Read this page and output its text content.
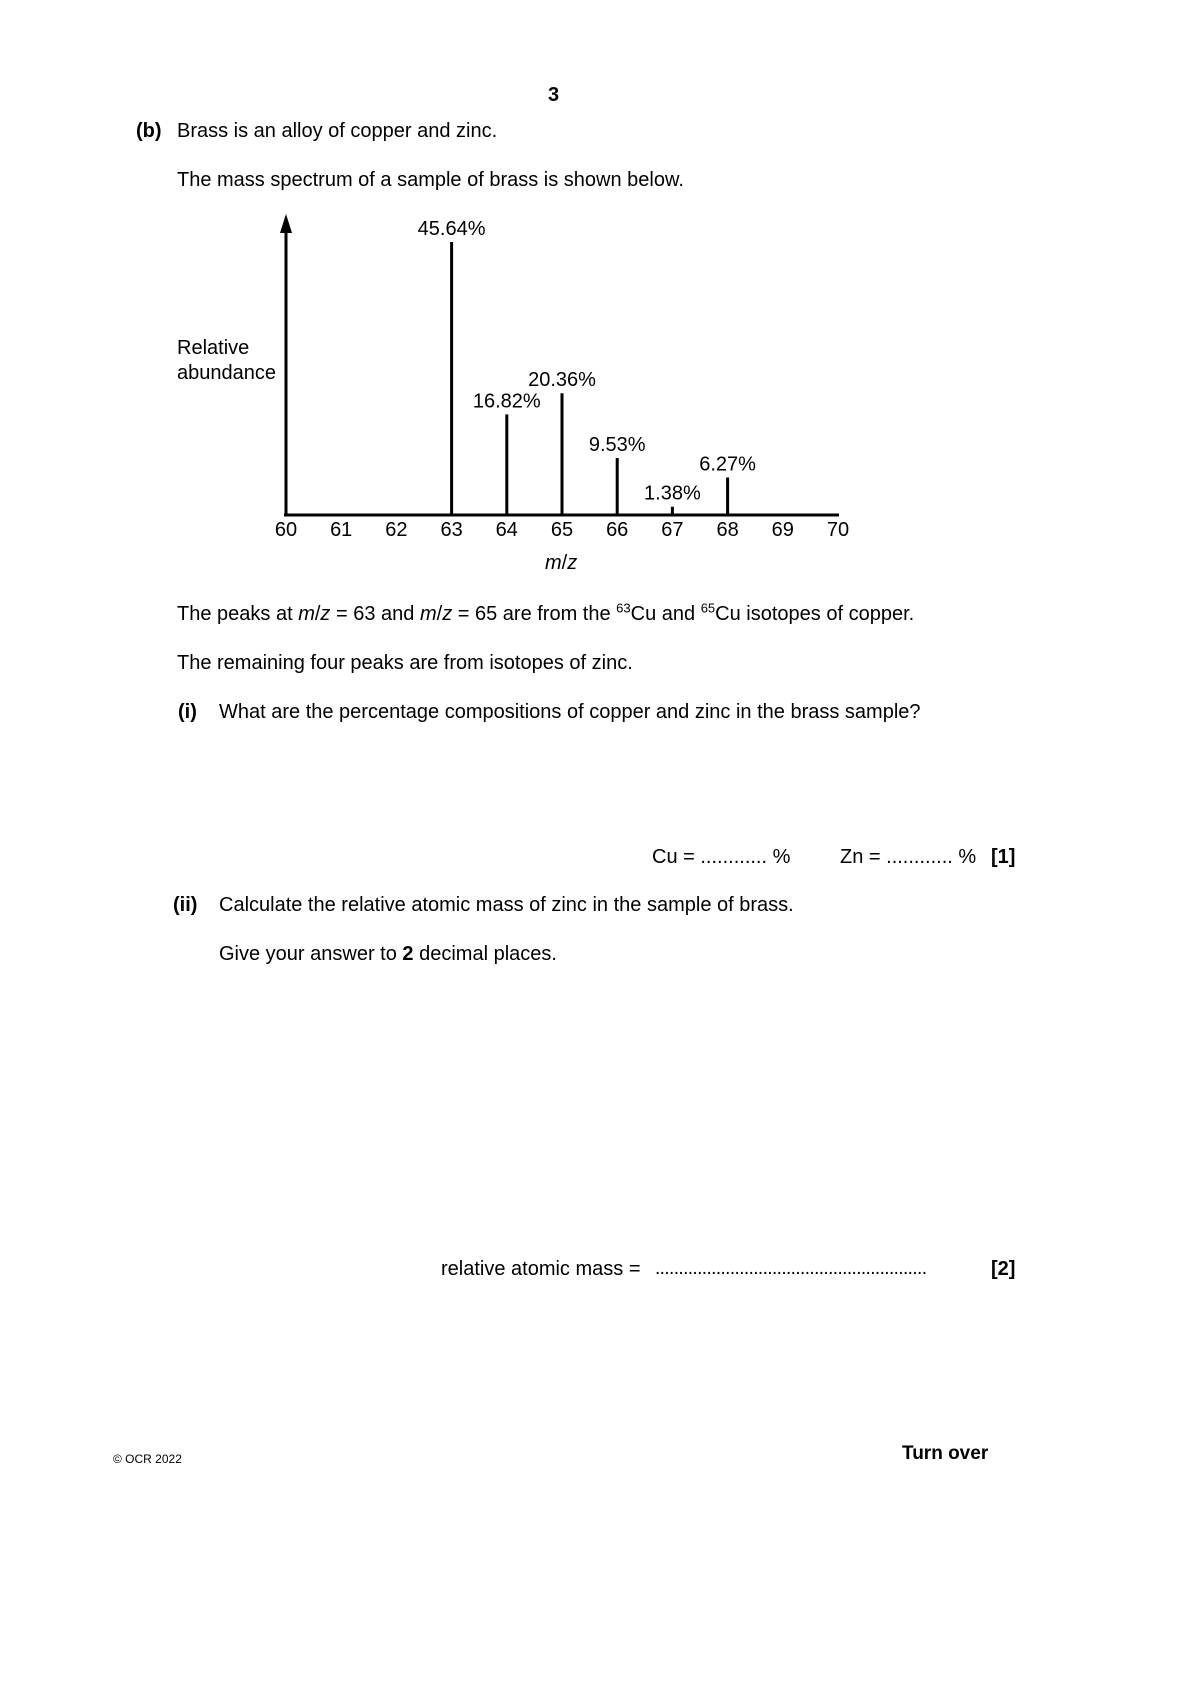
3
(b) Brass is an alloy of copper and zinc.
The mass spectrum of a sample of brass is shown below.
Relative
abundance
m/z
60 61 62 63 64 65 66 67 68 69 70
45.64%
16.82%
20.36%
9.53%
1.38%
6.27%
The peaks at m/z = 63 and m/z = 65 are from the $^{63}$Cu and $^{65}$Cu isotopes of copper.
The remaining four peaks are from isotopes of zinc.
(i) What are the percentage compositions of copper and zinc in the brass sample?
Cu = ............ % Zn = ............ % [1]
(ii) Calculate the relative atomic mass of zinc in the sample of brass.
Give your answer to 2 decimal places.
relative atomic mass = ..........................................................	[2]
© OCR 2022	Turn over
